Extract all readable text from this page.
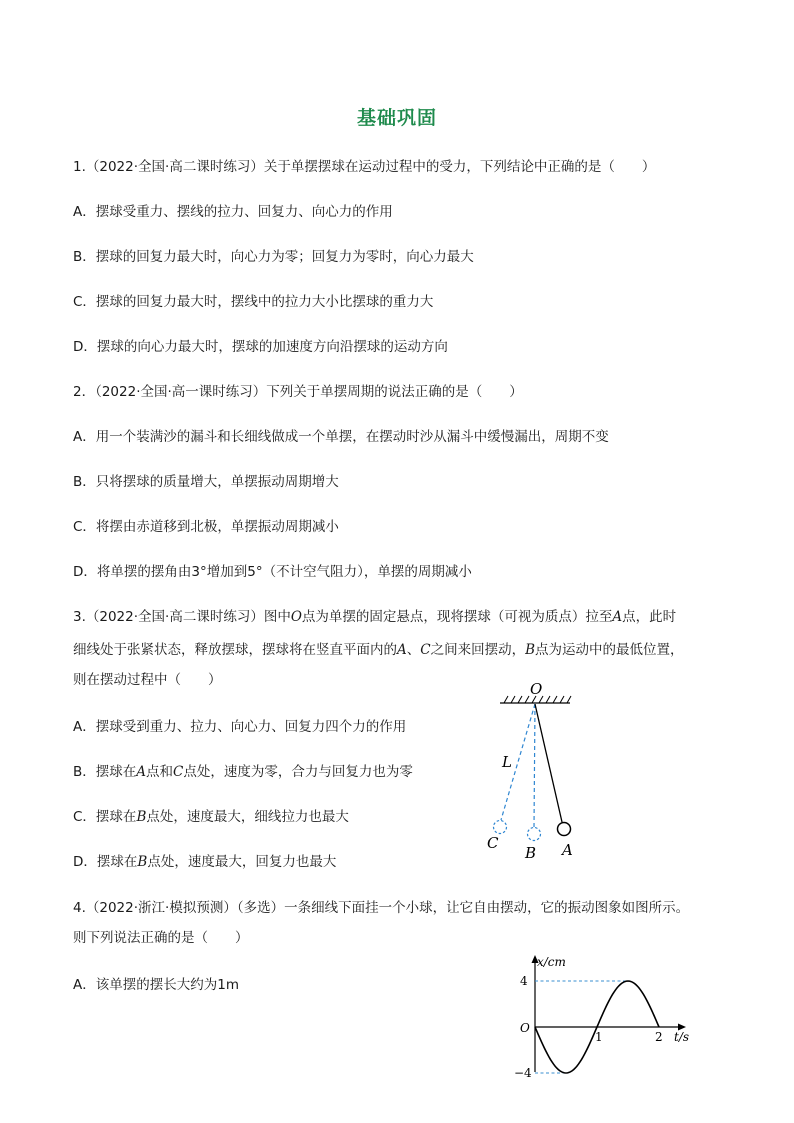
基础巩固
1.（2022·全国·高二课时练习）关于单摆摆球在运动过程中的受力，下列结论中正确的是（　　）
A．摆球受重力、摆线的拉力、回复力、向心力的作用
B．摆球的回复力最大时，向心力为零；回复力为零时，向心力最大
C．摆球的回复力最大时，摆线中的拉力大小比摆球的重力大
D．摆球的向心力最大时，摆球的加速度方向沿摆球的运动方向
2．（2022·全国·高一课时练习）下列关于单摆周期的说法正确的是（　　）
A．用一个装满沙的漏斗和长细线做成一个单摆，在摆动时沙从漏斗中缓慢漏出，周期不变
B．只将摆球的质量增大，单摆振动周期增大
C．将摆由赤道移到北极，单摆振动周期减小
D．将单摆的摆角由3°增加到5°（不计空气阻力），单摆的周期减小
3.（2022·全国·高二课时练习）图中O点为单摆的固定悬点，现将摆球（可视为质点）拉至A点，此时
细线处于张紧状态，释放摆球，摆球将在竖直平面内的A、C之间来回摆动，B点为运动中的最低位置，
则在摆动过程中（　　）
A．摆球受到重力、拉力、向心力、回复力四个力的作用
B．摆球在A点和C点处，速度为零，合力与回复力也为零
C．摆球在B点处，速度最大，细线拉力也最大
D．摆球在B点处，速度最大，回复力也最大
O
L
C
B A
4.（2022·浙江·模拟预测）（多选）一条细线下面挂一个小球，让它自由摆动，它的振动图象如图所示。
则下列说法正确的是（　　）
A．该单摆的摆长大约为1m
x/cm
t/s
O
4
−4
1	2
